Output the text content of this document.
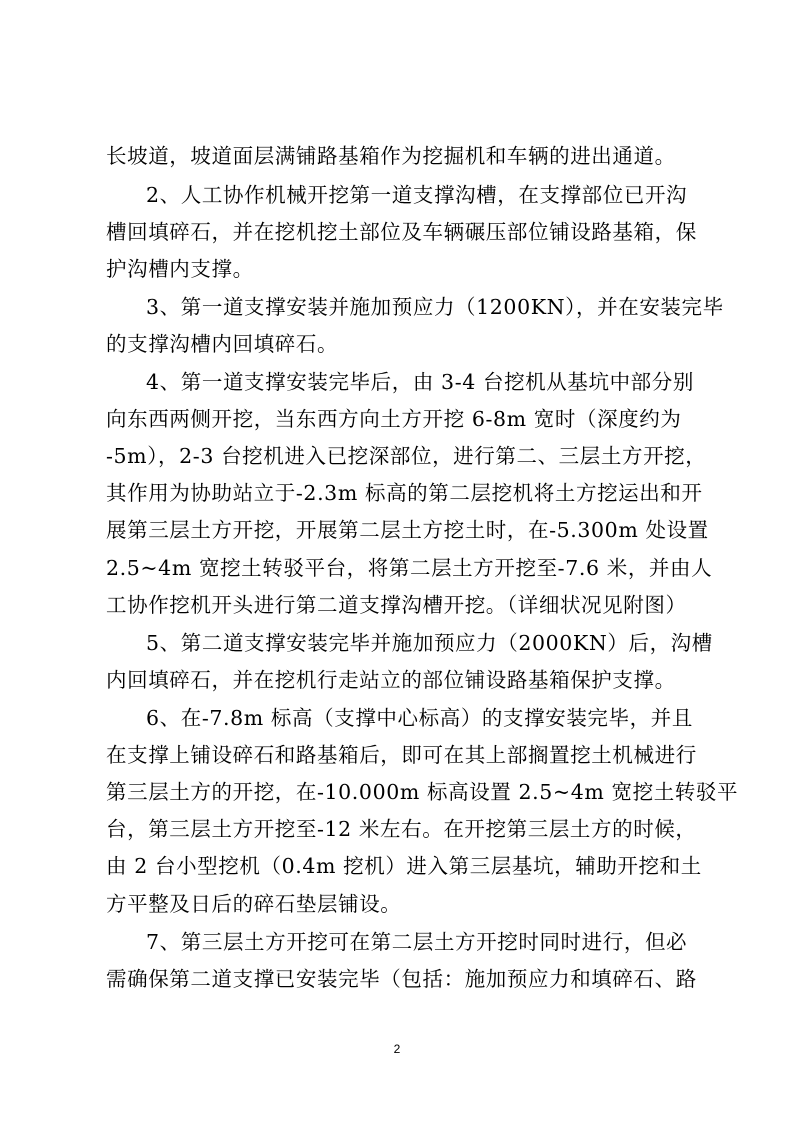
长坡道，坡道面层满铺路基箱作为挖掘机和车辆的进出通道。
2、人工协作机械开挖第一道支撑沟槽，在支撑部位已开沟
槽回填碎石，并在挖机挖土部位及车辆碾压部位铺设路基箱，保
护沟槽内支撑。
3、第一道支撑安装并施加预应力（1200KN），并在安装完毕
的支撑沟槽内回填碎石。
4、第一道支撑安装完毕后，由 3-4 台挖机从基坑中部分别
向东西两侧开挖，当东西方向土方开挖 6-8m 宽时（深度约为
-5m），2-3 台挖机进入已挖深部位，进行第二、三层土方开挖，
其作用为协助站立于-2.3m 标高的第二层挖机将土方挖运出和开
展第三层土方开挖，开展第二层土方挖土时，在-5.300m 处设置
2.5~4m 宽挖土转驳平台，将第二层土方开挖至-7.6 米，并由人
工协作挖机开头进行第二道支撑沟槽开挖。（详细状况见附图）
5、第二道支撑安装完毕并施加预应力（2000KN）后，沟槽
内回填碎石，并在挖机行走站立的部位铺设路基箱保护支撑。
6、在-7.8m 标高（支撑中心标高）的支撑安装完毕，并且
在支撑上铺设碎石和路基箱后，即可在其上部搁置挖土机械进行
第三层土方的开挖，在-10.000m 标高设置 2.5~4m 宽挖土转驳平
台，第三层土方开挖至-12 米左右。在开挖第三层土方的时候，
由 2 台小型挖机（0.4m 挖机）进入第三层基坑，辅助开挖和土
方平整及日后的碎石垫层铺设。
7、第三层土方开挖可在第二层土方开挖时同时进行，但必
需确保第二道支撑已安装完毕（包括：施加预应力和填碎石、路
2
